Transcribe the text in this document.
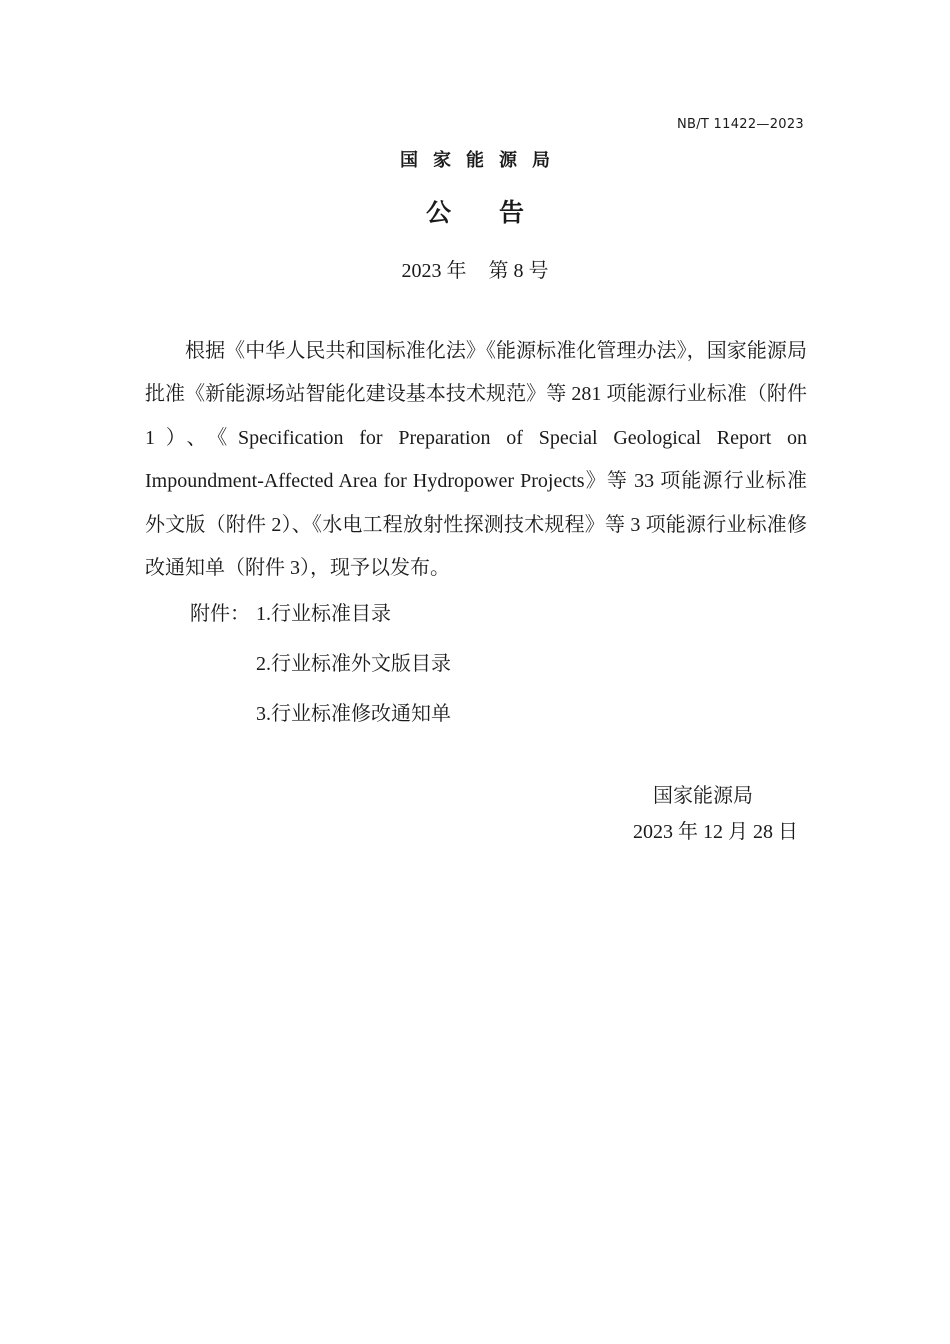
NB/T 11422—2023

国家能源局

公 告

2023 年 第 8 号

根据《中华人民共和国标准化法》《能源标准化管理办法》，国家能源局批准《新能源场站智能化建设基本技术规范》等 281 项能源行业标准（附件 1）、《Specification for Preparation of Special Geological Report on Impoundment-Affected Area for Hydropower Projects》等 33 项能源行业标准外文版（附件 2）、《水电工程放射性探测技术规程》等 3 项能源行业标准修改通知单（附件 3），现予以发布。

附件： 1.行业标准目录
2.行业标准外文版目录
3.行业标准修改通知单
国家能源局
2023 年 12 月 28 日
